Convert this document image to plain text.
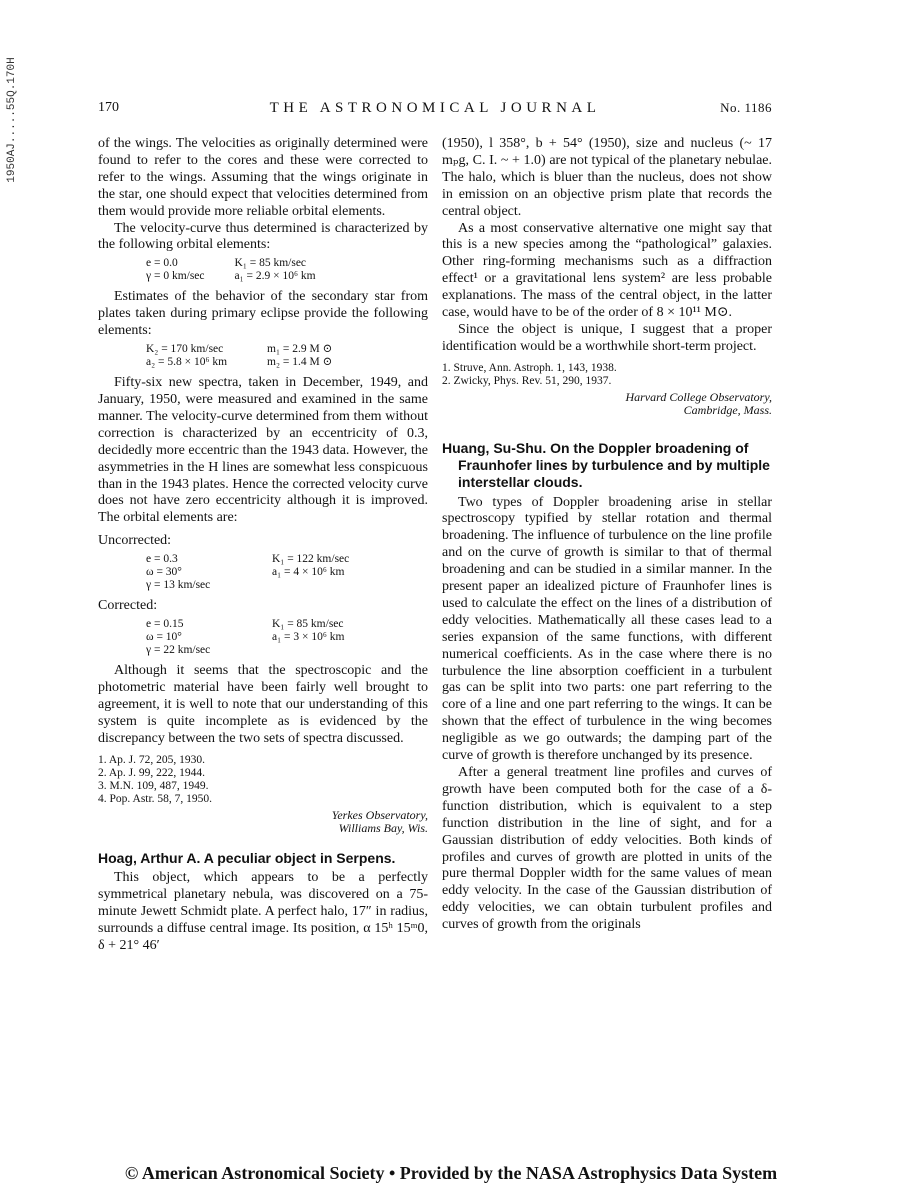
1950AJ.....55Q.170H	170	THE ASTRONOMICAL JOURNAL	No. 1186

of the wings. The velocities as originally determined were found to refer to the cores and these were corrected to refer to the wings. Assuming that the wings originate in the star, one should expect that velocities determined from them would provide more reliable orbital elements.

The velocity-curve thus determined is characterized by the following orbital elements:

e = 0.0	K₁ = 85 km/sec
γ = 0 km/sec	a₁ = 2.9 × 10⁶ km

Estimates of the behavior of the secondary star from plates taken during primary eclipse provide the following elements:

K₂ = 170 km/sec	m₁ = 2.9 M ⊙
a₂ = 5.8 × 10⁶ km	m₂ = 1.4 M ⊙

Fifty-six new spectra, taken in December, 1949, and January, 1950, were measured and examined in the same manner. The velocity-curve determined from them without correction is characterized by an eccentricity of 0.3, decidedly more eccentric than the 1943 data. However, the asymmetries in the H lines are somewhat less conspicuous than in the 1943 plates. Hence the corrected velocity curve does not have zero eccentricity although it is improved. The orbital elements are:

Uncorrected:

e = 0.3	K₁ = 122 km/sec
ω = 30°	a₁ = 4 × 10⁶ km
γ = 13 km/sec	

Corrected:

e = 0.15	K₁ = 85 km/sec
ω = 10°	a₁ = 3 × 10⁶ km
γ = 22 km/sec	

Although it seems that the spectroscopic and the photometric material have been fairly well brought to agreement, it is well to note that our understanding of this system is quite incomplete as is evidenced by the discrepancy between the two sets of spectra discussed.

1. Ap. J. 72, 205, 1930.
2. Ap. J. 99, 222, 1944.
3. M.N. 109, 487, 1949.
4. Pop. Astr. 58, 7, 1950.
Yerkes Observatory,
Williams Bay, Wis.
Hoag, Arthur A. A peculiar object in Serpens.

This object, which appears to be a perfectly symmetrical planetary nebula, was discovered on a 75-minute Jewett Schmidt plate. A perfect halo, 17″ in radius, surrounds a diffuse central image. Its position, α 15ʰ 15ᵐ0, δ + 21° 46′

(1950), l 358°, b + 54° (1950), size and nucleus (~ 17 mₚg, C. I. ~ + 1.0) are not typical of the planetary nebulae. The halo, which is bluer than the nucleus, does not show in emission on an objective prism plate that records the central object.

As a most conservative alternative one might say that this is a new species among the “pathological” galaxies. Other ring-forming mechanisms such as a diffraction effect¹ or a gravitational lens system² are less probable explanations. The mass of the central object, in the latter case, would have to be of the order of 8 × 10¹¹ M⊙.

Since the object is unique, I suggest that a proper identification would be a worthwhile short-term project.

1. Struve, Ann. Astroph. 1, 143, 1938.
2. Zwicky, Phys. Rev. 51, 290, 1937.
Harvard College Observatory,
Cambridge, Mass.
Huang, Su-Shu. On the Doppler broadening of Fraunhofer lines by turbulence and by multiple interstellar clouds.

Two types of Doppler broadening arise in stellar spectroscopy typified by stellar rotation and thermal broadening. The influence of turbulence on the line profile and on the curve of growth is similar to that of thermal broadening and can be studied in a similar manner. In the present paper an idealized picture of Fraunhofer lines is used to calculate the effect on the lines of a distribution of eddy velocities. Mathematically all these cases lead to a series expansion of the same functions, with different numerical coefficients. As in the case where there is no turbulence the line absorption coefficient in a turbulent gas can be split into two parts: one part referring to the core of a line and one part referring to the wings. It can be shown that the effect of turbulence in the wing becomes negligible as we go outwards; the damping part of the curve of growth is therefore unchanged by its presence.

After a general treatment line profiles and curves of growth have been computed both for the case of a δ-function distribution, which is equivalent to a step function distribution in the line of sight, and for a Gaussian distribution of eddy velocities. Both kinds of profiles and curves of growth are plotted in units of the pure thermal Doppler width for the same values of mean eddy velocity. In the case of the Gaussian distribution of eddy velocities, we can obtain turbulent profiles and curves of growth from the originals

© American Astronomical Society • Provided by the NASA Astrophysics Data System
